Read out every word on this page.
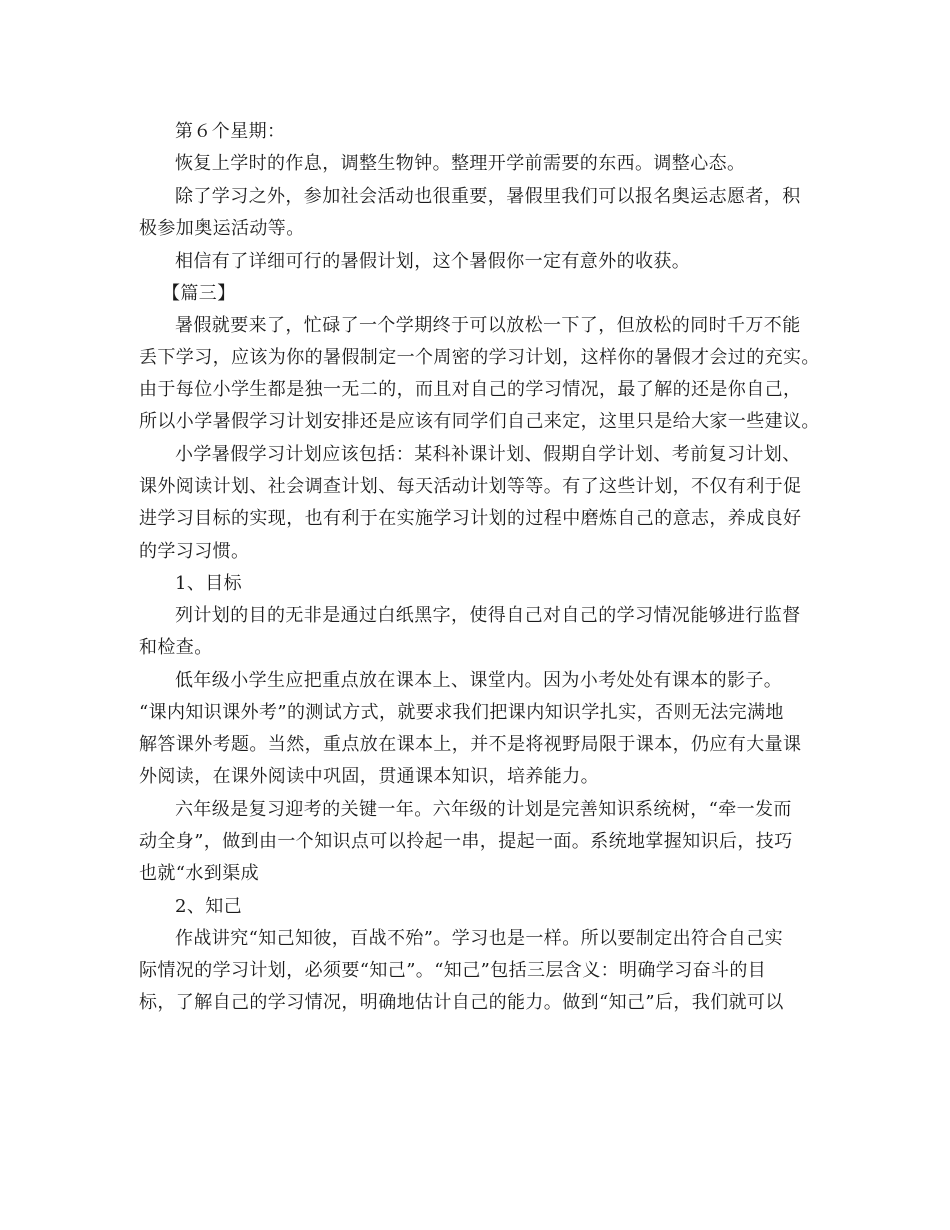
第６个星期：

恢复上学时的作息，调整生物钟。整理开学前需要的东西。调整心态。

除了学习之外，参加社会活动也很重要，暑假里我们可以报名奥运志愿者，积

极参加奥运活动等。

相信有了详细可行的暑假计划，这个暑假你一定有意外的收获。

【篇三】

暑假就要来了，忙碌了一个学期终于可以放松一下了，但放松的同时千万不能

丢下学习，应该为你的暑假制定一个周密的学习计划，这样你的暑假才会过的充实。

由于每位小学生都是独一无二的，而且对自己的学习情况，最了解的还是你自己，

所以小学暑假学习计划安排还是应该有同学们自己来定，这里只是给大家一些建议。

小学暑假学习计划应该包括：某科补课计划、假期自学计划、考前复习计划、

课外阅读计划、社会调查计划、每天活动计划等等。有了这些计划，不仅有利于促

进学习目标的实现，也有利于在实施学习计划的过程中磨炼自己的意志，养成良好

的学习习惯。

1、目标

列计划的目的无非是通过白纸黑字，使得自己对自己的学习情况能够进行监督

和检查。

低年级小学生应把重点放在课本上、课堂内。因为小考处处有课本的影子。

“课内知识课外考”的测试方式，就要求我们把课内知识学扎实，否则无法完满地

解答课外考题。当然，重点放在课本上，并不是将视野局限于课本，仍应有大量课

外阅读，在课外阅读中巩固，贯通课本知识，培养能力。

六年级是复习迎考的关键一年。六年级的计划是完善知识系统树，“牵一发而

动全身”，做到由一个知识点可以拎起一串，提起一面。系统地掌握知识后，技巧

也就“水到渠成

2、知己

作战讲究“知己知彼，百战不殆”。学习也是一样。所以要制定出符合自己实

际情况的学习计划，必须要“知己”。“知己”包括三层含义：明确学习奋斗的目

标，了解自己的学习情况，明确地估计自己的能力。做到“知己”后，我们就可以
